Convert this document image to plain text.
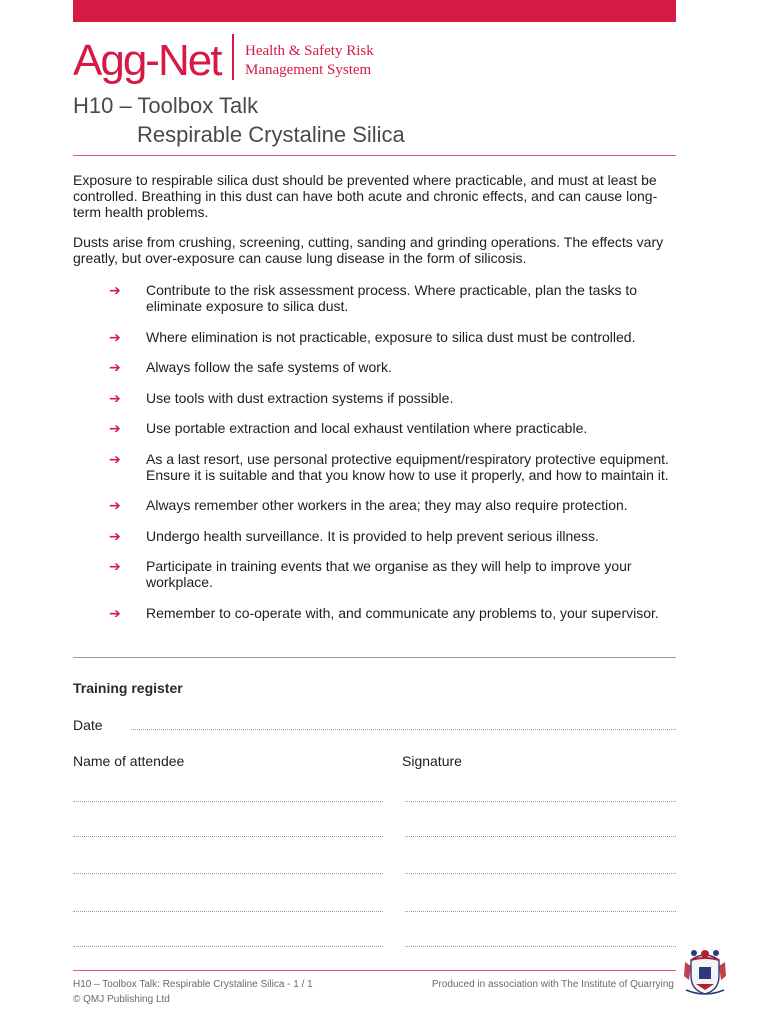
Agg-Net Health & Safety Risk
Management System
H10 – Toolbox Talk
Respirable Crystaline Silica
Exposure to respirable silica dust should be prevented where practicable, and must at least be controlled. Breathing in this dust can have both acute and chronic effects, and can cause long-term health problems.
Dusts arise from crushing, screening, cutting, sanding and grinding operations. The effects vary greatly, but over-exposure can cause lung disease in the form of silicosis.
➔ Contribute to the risk assessment process. Where practicable, plan the tasks to eliminate exposure to silica dust.
➔ Where elimination is not practicable, exposure to silica dust must be controlled.
➔ Always follow the safe systems of work.
➔ Use tools with dust extraction systems if possible.
➔ Use portable extraction and local exhaust ventilation where practicable.
➔ As a last resort, use personal protective equipment/respiratory protective equipment. Ensure it is suitable and that you know how to use it properly, and how to maintain it.
➔ Always remember other workers in the area; they may also require protection.
➔ Undergo health surveillance. It is provided to help prevent serious illness.
➔ Participate in training events that we organise as they will help to improve your workplace.
➔ Remember to co-operate with, and communicate any problems to, your supervisor.
Training register
Date
Name of attendee	Signature
H10 – Toolbox Talk: Respirable Crystaline Silica - 1 / 1
© QMJ Publishing Ltd
Produced in association with The Institute of Quarrying
